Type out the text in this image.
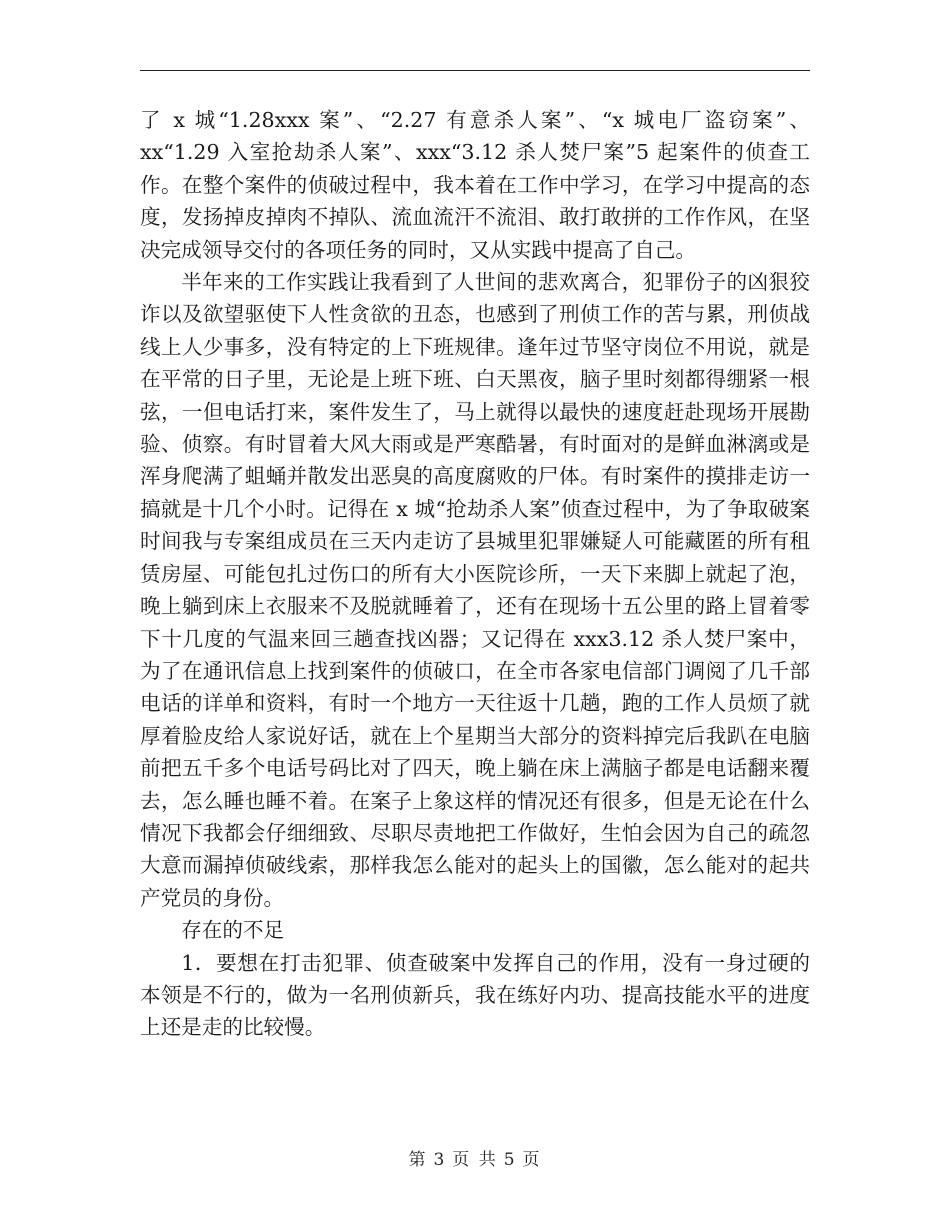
了 x 城“1.28xxx 案”、“2.27 有意杀人案”、“x 城电厂盗窃案”、xx“1.29 入室抢劫杀人案”、xxx“3.12 杀人焚尸案”5 起案件的侦查工作。在整个案件的侦破过程中，我本着在工作中学习，在学习中提高的态度，发扬掉皮掉肉不掉队、流血流汗不流泪、敢打敢拼的工作作风，在坚决完成领导交付的各项任务的同时，又从实践中提高了自己。

半年来的工作实践让我看到了人世间的悲欢离合，犯罪份子的凶狠狡诈以及欲望驱使下人性贪欲的丑态，也感到了刑侦工作的苦与累，刑侦战线上人少事多，没有特定的上下班规律。逢年过节坚守岗位不用说，就是在平常的日子里，无论是上班下班、白天黑夜，脑子里时刻都得绷紧一根弦，一但电话打来，案件发生了，马上就得以最快的速度赶赴现场开展勘验、侦察。有时冒着大风大雨或是严寒酷暑，有时面对的是鲜血淋漓或是浑身爬满了蛆蛹并散发出恶臭的高度腐败的尸体。有时案件的摸排走访一搞就是十几个小时。记得在 x 城“抢劫杀人案”侦查过程中，为了争取破案时间我与专案组成员在三天内走访了县城里犯罪嫌疑人可能藏匿的所有租赁房屋、可能包扎过伤口的所有大小医院诊所，一天下来脚上就起了泡，晚上躺到床上衣服来不及脱就睡着了，还有在现场十五公里的路上冒着零下十几度的气温来回三趟查找凶器；又记得在 xxx3.12 杀人焚尸案中，为了在通讯信息上找到案件的侦破口，在全市各家电信部门调阅了几千部电话的详单和资料，有时一个地方一天往返十几趟，跑的工作人员烦了就厚着脸皮给人家说好话，就在上个星期当大部分的资料掉完后我趴在电脑前把五千多个电话号码比对了四天，晚上躺在床上满脑子都是电话翻来覆去，怎么睡也睡不着。在案子上象这样的情况还有很多，但是无论在什么情况下我都会仔细细致、尽职尽责地把工作做好，生怕会因为自己的疏忽大意而漏掉侦破线索，那样我怎么能对的起头上的国徽，怎么能对的起共产党员的身份。

存在的不足

1．要想在打击犯罪、侦查破案中发挥自己的作用，没有一身过硬的本领是不行的，做为一名刑侦新兵，我在练好内功、提高技能水平的进度上还是走的比较慢。

第 3 页 共 5 页
